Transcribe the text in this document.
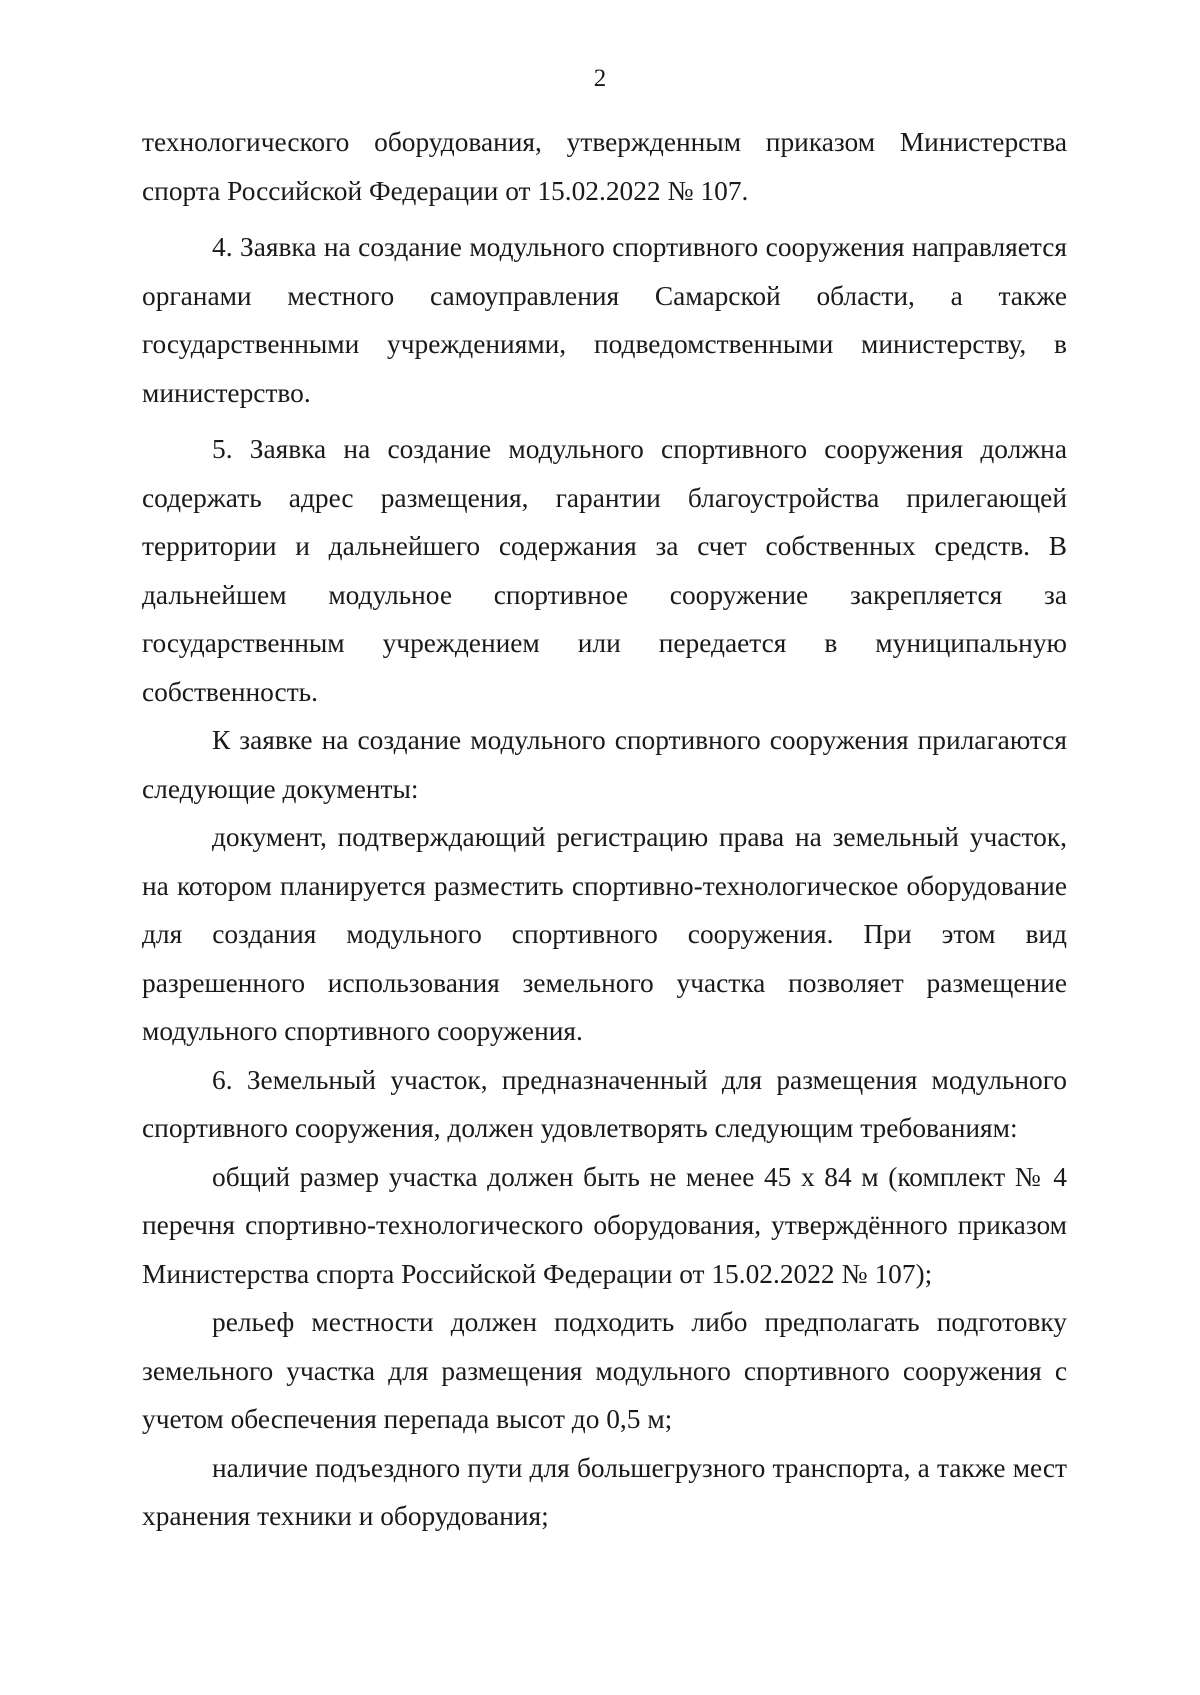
2

технологического оборудования, утвержденным приказом Министерства спорта Российской Федерации от 15.02.2022 № 107.

4. Заявка на создание модульного спортивного сооружения направляется органами местного самоуправления Самарской области, а также государственными учреждениями, подведомственными министерству, в министерство.

5. Заявка на создание модульного спортивного сооружения должна содержать адрес размещения, гарантии благоустройства прилегающей территории и дальнейшего содержания за счет собственных средств. В дальнейшем модульное спортивное сооружение закрепляется за государственным учреждением или передается в муниципальную собственность.

К заявке на создание модульного спортивного сооружения прилагаются следующие документы:

документ, подтверждающий регистрацию права на земельный участок, на котором планируется разместить спортивно-технологическое оборудование для создания модульного спортивного сооружения. При этом вид разрешенного использования земельного участка позволяет размещение модульного спортивного сооружения.

6. Земельный участок, предназначенный для размещения модульного спортивного сооружения, должен удовлетворять следующим требованиям:

общий размер участка должен быть не менее 45 х 84 м (комплект № 4 перечня спортивно-технологического оборудования, утверждённого приказом Министерства спорта Российской Федерации от 15.02.2022 № 107);

рельеф местности должен подходить либо предполагать подготовку земельного участка для размещения модульного спортивного сооружения с учетом обеспечения перепада высот до 0,5 м;

наличие подъездного пути для большегрузного транспорта, а также мест хранения техники и оборудования;
